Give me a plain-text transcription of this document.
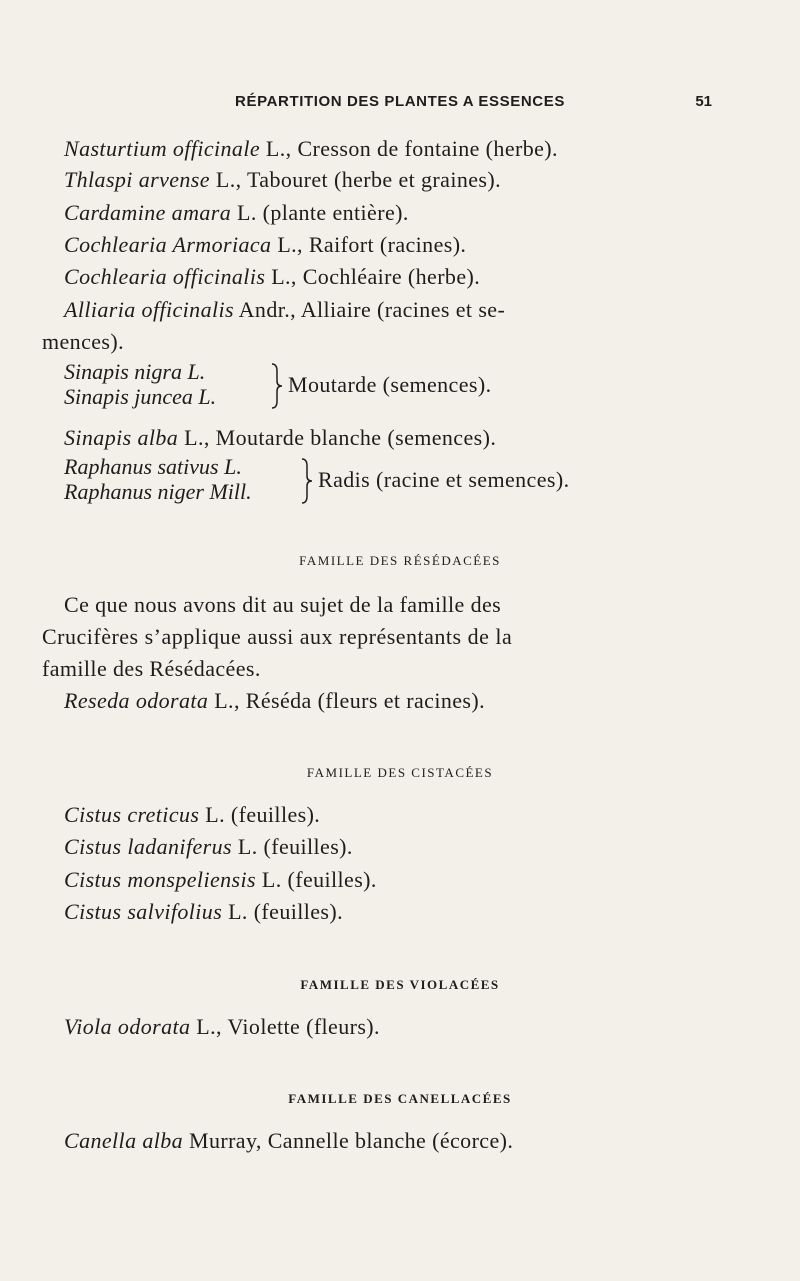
RÉPARTITION DES PLANTES A ESSENCES	51
Nasturtium officinale L., Cresson de fontaine (herbe).
Thlaspi arvense L., Tabouret (herbe et graines).
Cardamine amara L. (plante entière).
Cochlearia Armoriaca L., Raifort (racines).
Cochlearia officinalis L., Cochléaire (herbe).
Alliaria officinalis Andr., Alliaire (racines et se-
mences).
Sinapis nigra L.
Sinapis juncea L.	Moutarde (semences).
Sinapis alba L., Moutarde blanche (semences).
Raphanus sativus L.
Raphanus niger Mill.	Radis (racine et semences).
FAMILLE DES RÉSÉDACÉES
Ce que nous avons dit au sujet de la famille des
Crucifères s’applique aussi aux représentants de la
famille des Résédacées.
Reseda odorata L., Réséda (fleurs et racines).
FAMILLE DES CISTACÉES
Cistus creticus L. (feuilles).
Cistus ladaniferus L. (feuilles).
Cistus monspeliensis L. (feuilles).
Cistus salvifolius L. (feuilles).
FAMILLE DES VIOLACÉES
Viola odorata L., Violette (fleurs).
FAMILLE DES CANELLACÉES
Canella alba Murray, Cannelle blanche (écorce).
